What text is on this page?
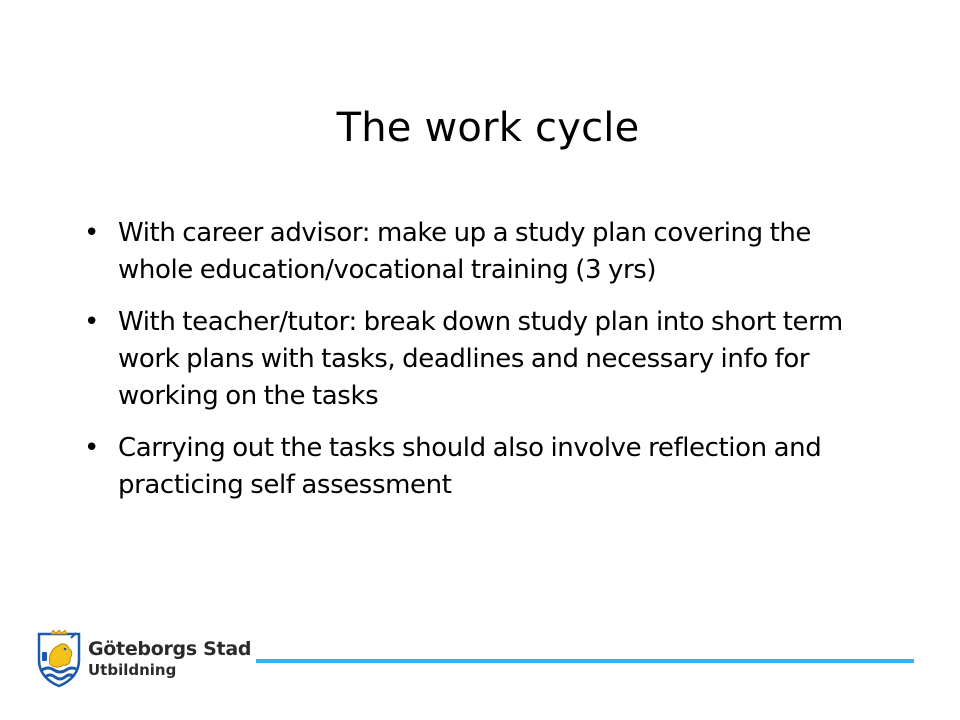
The work cycle
• With career advisor: make up a study plan covering the whole education/vocational training (3 yrs)
• With teacher/tutor: break down study plan into short term work plans with tasks, deadlines and necessary info for working on the tasks
• Carrying out the tasks should also involve reflection and practicing self assessment
Göteborgs Stad
Utbildning
